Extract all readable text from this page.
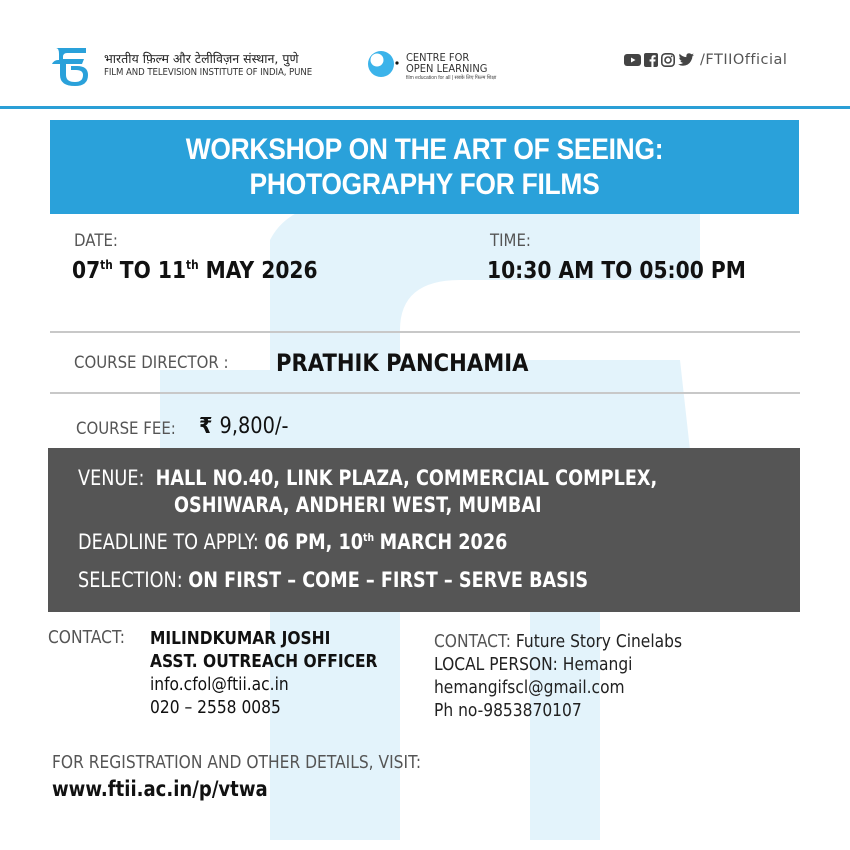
भारतीय फ़िल्म और टेलीविज़न संस्थान, पुणे
FILM AND TELEVISION INSTITUTE OF INDIA, PUNE
CENTRE FOR
OPEN LEARNING
film education for all | सबके लिए फिल्म शिक्षा
/FTIIOfficial
WORKSHOP ON THE ART OF SEEING:
PHOTOGRAPHY FOR FILMS
DATE:
07th TO 11th MAY 2026
TIME:
10:30 AM TO 05:00 PM
COURSE DIRECTOR : PRATHIK PANCHAMIA
COURSE FEE: ₹ 9,800/-
VENUE: HALL NO.40, LINK PLAZA, COMMERCIAL COMPLEX,
OSHIWARA, ANDHERI WEST, MUMBAI
DEADLINE TO APPLY: 06 PM, 10th MARCH 2026
SELECTION: ON FIRST – COME – FIRST – SERVE BASIS
CONTACT: MILINDKUMAR JOSHI
ASST. OUTREACH OFFICER
info.cfol@ftii.ac.in
020 – 2558 0085
CONTACT: Future Story Cinelabs
LOCAL PERSON: Hemangi
hemangifscl@gmail.com
Ph no-9853870107
FOR REGISTRATION AND OTHER DETAILS, VISIT:
www.ftii.ac.in/p/vtwa
